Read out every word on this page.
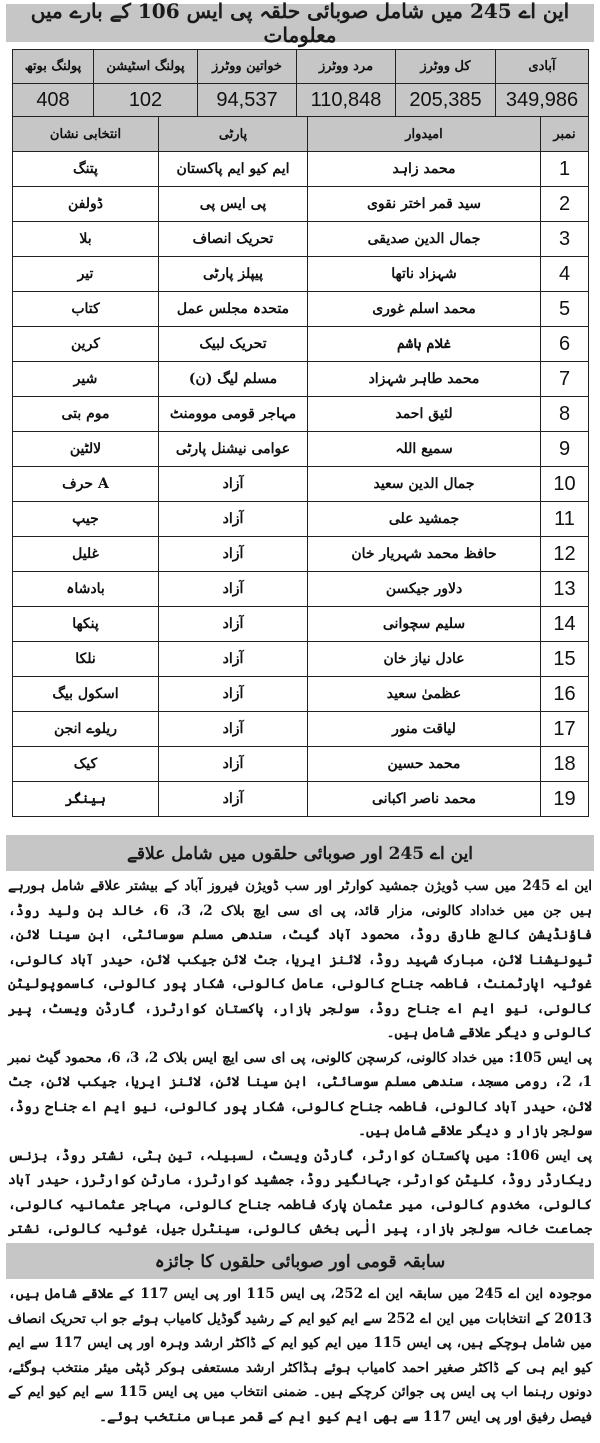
این اے 245 میں شامل صوبائی حلقہ پی ایس 106 کے بارے میں معلومات
پولنگ بوتھ	پولنگ اسٹیشن	خواتین ووٹرز	مرد ووٹرز	کل ووٹرز	آبادی
408	102	94,537	110,848	205,385	349,986
انتخابی نشان	پارٹی	امیدوار	نمبر
پتنگ	ایم کیو ایم پاکستان	محمد زاہد	1
ڈولفن	پی ایس پی	سید قمر اختر نقوی	2
بلا	تحریک انصاف	جمال الدین صدیقی	3
تیر	پیپلز پارٹی	شہزاد ناتھا	4
کتاب	متحدہ مجلس عمل	محمد اسلم غوری	5
کرین	تحریک لبیک	غلام ہاشم	6
شیر	مسلم لیگ (ن)	محمد طاہر شہزاد	7
موم بتی	مہاجر قومی موومنٹ	لئیق احمد	8
لالٹین	عوامی نیشنل پارٹی	سمیع اللہ	9
A حرف	آزاد	جمال الدین سعید	10
جیپ	آزاد	جمشید علی	11
غلیل	آزاد	حافظ محمد شہریار خان	12
بادشاہ	آزاد	دلاور جیکسن	13
پنکھا	آزاد	سلیم سچوانی	14
نلکا	آزاد	عادل نیاز خان	15
اسکول بیگ	آزاد	عظمیٰ سعید	16
ریلوے انجن	آزاد	لیاقت منور	17
کیک	آزاد	محمد حسین	18
ہینگر	آزاد	محمد ناصر اکبانی	19
این اے 245 اور صوبائی حلقوں میں شامل علاقے

این اے 245 میں سب ڈویژن جمشید کوارٹر اور سب ڈویژن فیروز آباد کے بیشتر علاقے شامل ہورہے ہیں جن میں خداداد کالونی، مزار قائد، پی ای سی ایچ بلاک 2، 3، 6، خالد بن ولید روڈ، فاؤنڈیشن کالج طارق روڈ، محمود آباد گیٹ، سندھی مسلم سوسائٹی، ابن سینا لائن، ٹیونیشنا لائن، مبارک شہید روڈ، لائنز ایریا، جٹ لائن جیکب لائن، حیدر آباد کالونی، غوثیہ اپارٹمنٹ، فاطمہ جناح کالونی، عامل کالونی، شکار پور کالونی، کاسموپولیٹن کالونی، نیو ایم اے جناح روڈ، سولجر بازار، پاکستان کوارٹرز، گارڈن ویسٹ، پیر کالونی و دیگر علاقے شامل ہیں۔

پی ایس 105: میں خداد کالونی، کرسچن کالونی، پی ای سی ایچ ایس بلاک 2، 3، 6، محمود گیٹ نمبر 1، 2، رومی مسجد، سندھی مسلم سوسائٹی، ابن سینا لائن، لائنز ایریا، جیکب لائن، جٹ لائن، حیدر آباد کالونی، فاطمہ جناح کالونی، شکار پور کالونی، نیو ایم اے جناح روڈ، سولجر بازار و دیگر علاقے شامل ہیں۔

پی ایس 106: میں پاکستان کوارٹر، گارڈن ویسٹ، لسبیلہ، تین ہٹی، نشتر روڈ، بزنس ریکارڈر روڈ، کلیٹن کوارٹر، جہانگیر روڈ، جمشید کوارٹرز، مارٹن کوارٹرز، حیدر آباد کالونی، مخدوم کالونی، میر عثمان پارک فاطمہ جناح کالونی، مہاجر عثمانیہ کالونی، جماعت خانہ سولجر بازار، پیر الٰہی بخش کالونی، سینٹرل جیل، غوثیہ کالونی، نشتر

سابقہ قومی اور صوبائی حلقوں کا جائزہ

موجودہ این اے 245 میں سابقہ این اے 252، پی ایس 115 اور پی ایس 117 کے علاقے شامل ہیں، 2013 کے انتخابات میں این اے 252 سے ایم کیو ایم کے رشید گوڈیل کامیاب ہوئے جو اب تحریک انصاف میں شامل ہوچکے ہیں، پی ایس 115 میں ایم کیو ایم کے ڈاکٹر ارشد وہرہ اور پی ایس 117 سے ایم کیو ایم ہی کے ڈاکٹر صغیر احمد کامیاب ہوئے ہڈاکٹر ارشد مستعفی ہوکر ڈپٹی میئر منتخب ہوگئے، دونوں رہنما اب پی ایس پی جوائن کرچکے ہیں۔ ضمنی انتخاب میں پی ایس 115 سے ایم کیو ایم کے فیصل رفیق اور پی ایس 117 سے بھی ایم کیو ایم کے قمر عباس منتخب ہوئے۔
